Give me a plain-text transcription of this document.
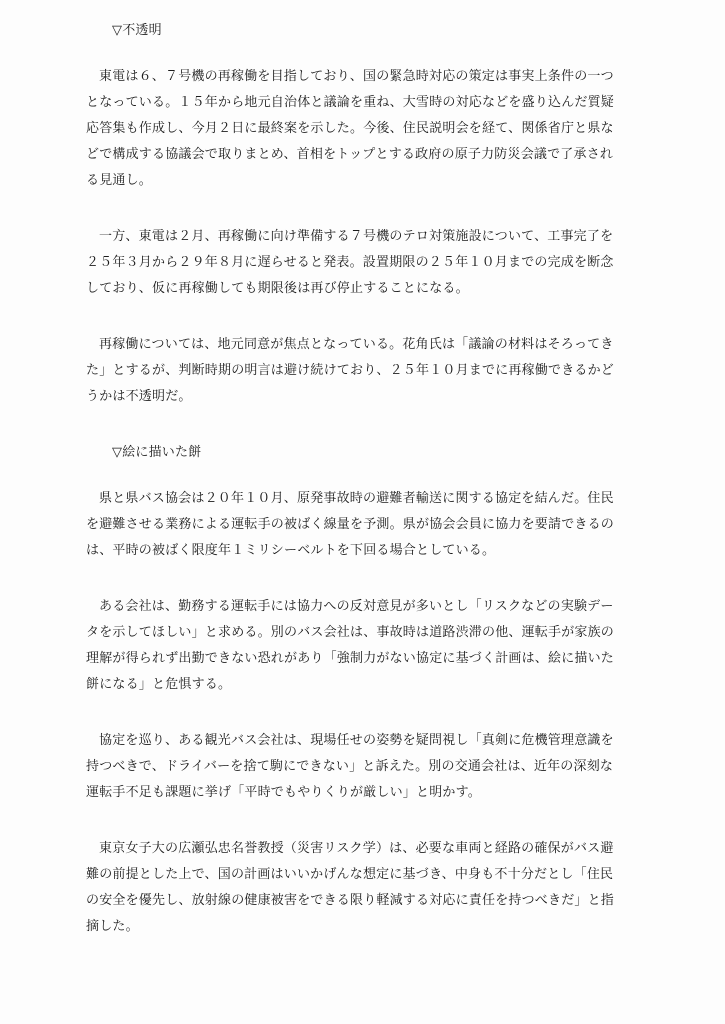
▽不透明

東電は６、７号機の再稼働を目指しており、国の緊急時対応の策定は事実上条件の一つとなっている。１５年から地元自治体と議論を重ね、大雪時の対応などを盛り込んだ質疑応答集も作成し、今月２日に最終案を示した。今後、住民説明会を経て、関係省庁と県などで構成する協議会で取りまとめ、首相をトップとする政府の原子力防災会議で了承される見通し。

一方、東電は２月、再稼働に向け準備する７号機のテロ対策施設について、工事完了を２５年３月から２９年８月に遅らせると発表。設置期限の２５年１０月までの完成を断念しており、仮に再稼働しても期限後は再び停止することになる。

再稼働については、地元同意が焦点となっている。花角氏は「議論の材料はそろってきた」とするが、判断時期の明言は避け続けており、２５年１０月までに再稼働できるかどうかは不透明だ。

▽絵に描いた餅

県と県バス協会は２０年１０月、原発事故時の避難者輸送に関する協定を結んだ。住民を避難させる業務による運転手の被ばく線量を予測。県が協会会員に協力を要請できるのは、平時の被ばく限度年１ミリシーベルトを下回る場合としている。

ある会社は、勤務する運転手には協力への反対意見が多いとし「リスクなどの実験データを示してほしい」と求める。別のバス会社は、事故時は道路渋滞の他、運転手が家族の理解が得られず出勤できない恐れがあり「強制力がない協定に基づく計画は、絵に描いた餅になる」と危惧する。

協定を巡り、ある観光バス会社は、現場任せの姿勢を疑問視し「真剣に危機管理意識を持つべきで、ドライバーを捨て駒にできない」と訴えた。別の交通会社は、近年の深刻な運転手不足も課題に挙げ「平時でもやりくりが厳しい」と明かす。

東京女子大の広瀬弘忠名誉教授（災害リスク学）は、必要な車両と経路の確保がバス避難の前提とした上で、国の計画はいいかげんな想定に基づき、中身も不十分だとし「住民の安全を優先し、放射線の健康被害をできる限り軽減する対応に責任を持つべきだ」と指摘した。
